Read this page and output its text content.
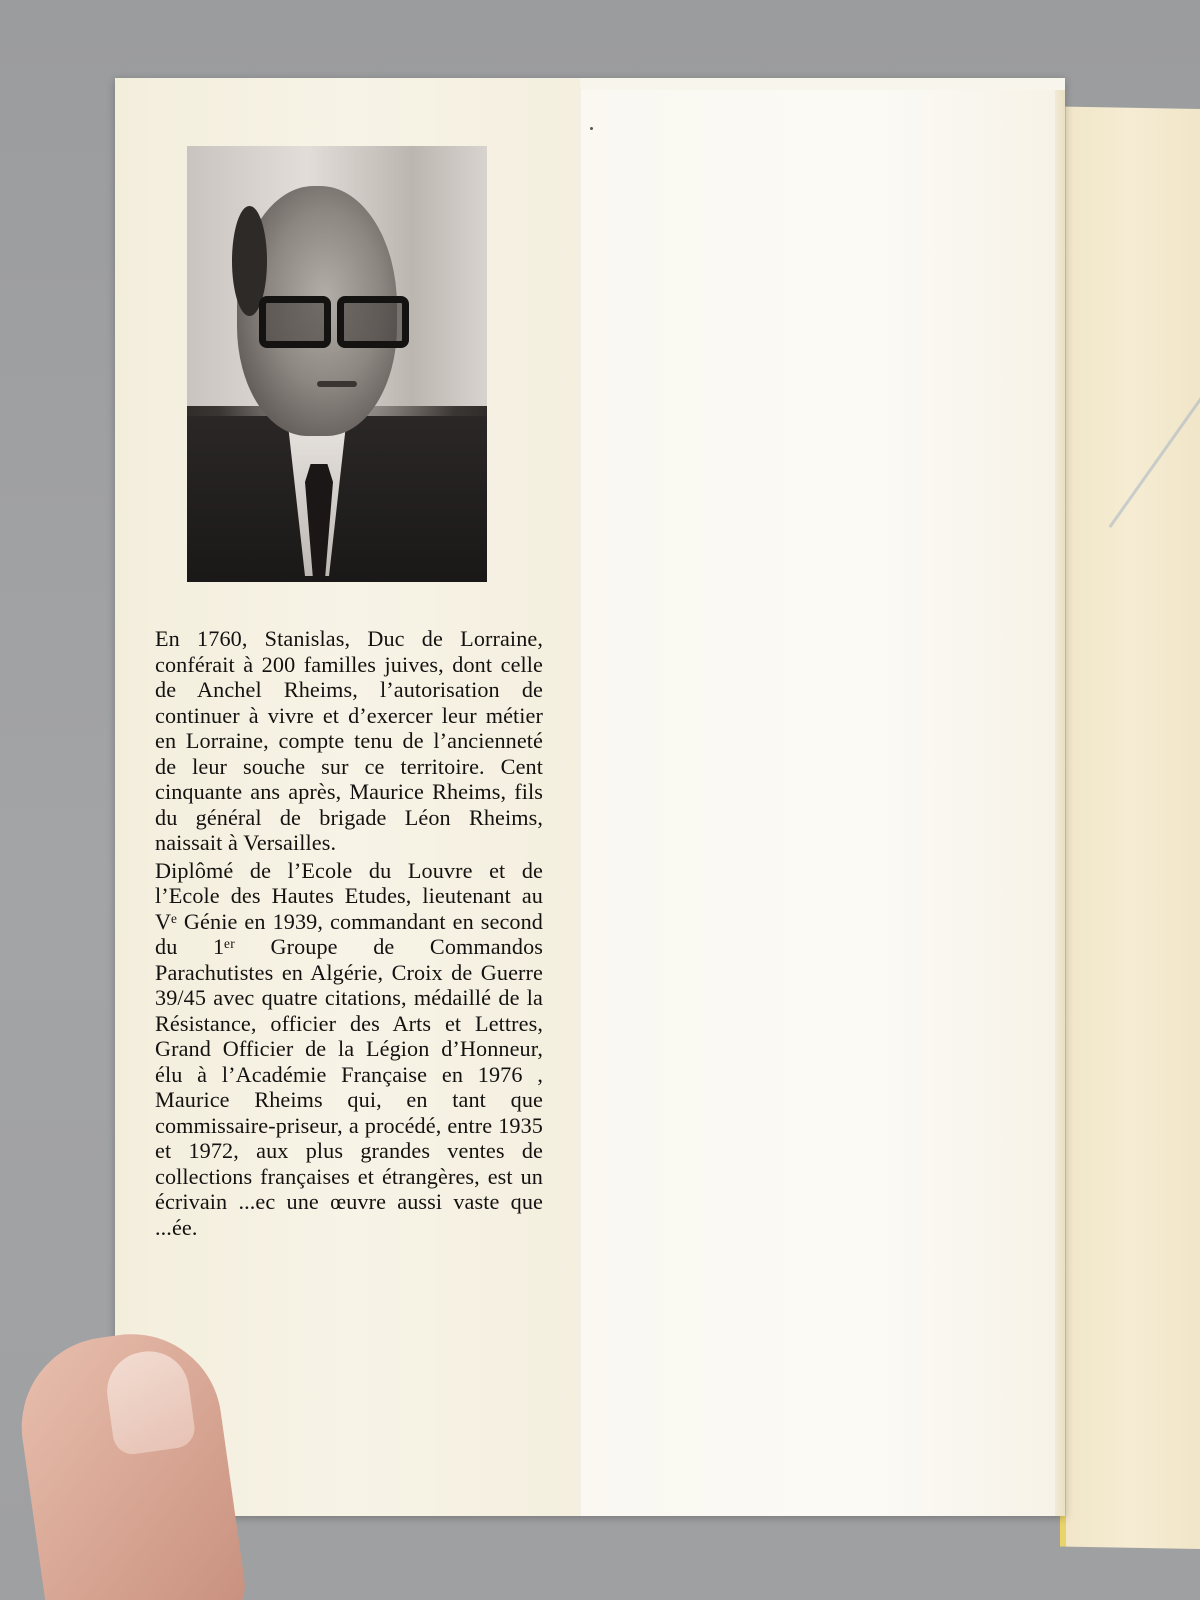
En 1760, Stanislas, Duc de Lorraine, conférait à 200 familles juives, dont celle de Anchel Rheims, l’autorisation de continuer à vivre et d’exercer leur métier en Lorraine, compte tenu de l’ancienneté de leur souche sur ce territoire. Cent cinquante ans après, Maurice Rheims, fils du général de brigade Léon Rheims, naissait à Versailles.

Diplômé de l’Ecole du Louvre et de l’Ecole des Hautes Etudes, lieutenant au Vᵉ Génie en 1939, commandant en second du 1ᵉʳ Groupe de Commandos Parachutistes en Algérie, Croix de Guerre 39/45 avec quatre citations, médaillé de la Résistance, officier des Arts et Lettres, Grand Officier de la Légion d’Honneur, élu à l’Académie Française en 1976 , Maurice Rheims qui, en tant que commissaire-priseur, a procédé, entre 1935 et 1972, aux plus grandes ventes de collections françaises et étrangères, est un écrivain ...ec une œuvre aussi vaste que ...ée.
